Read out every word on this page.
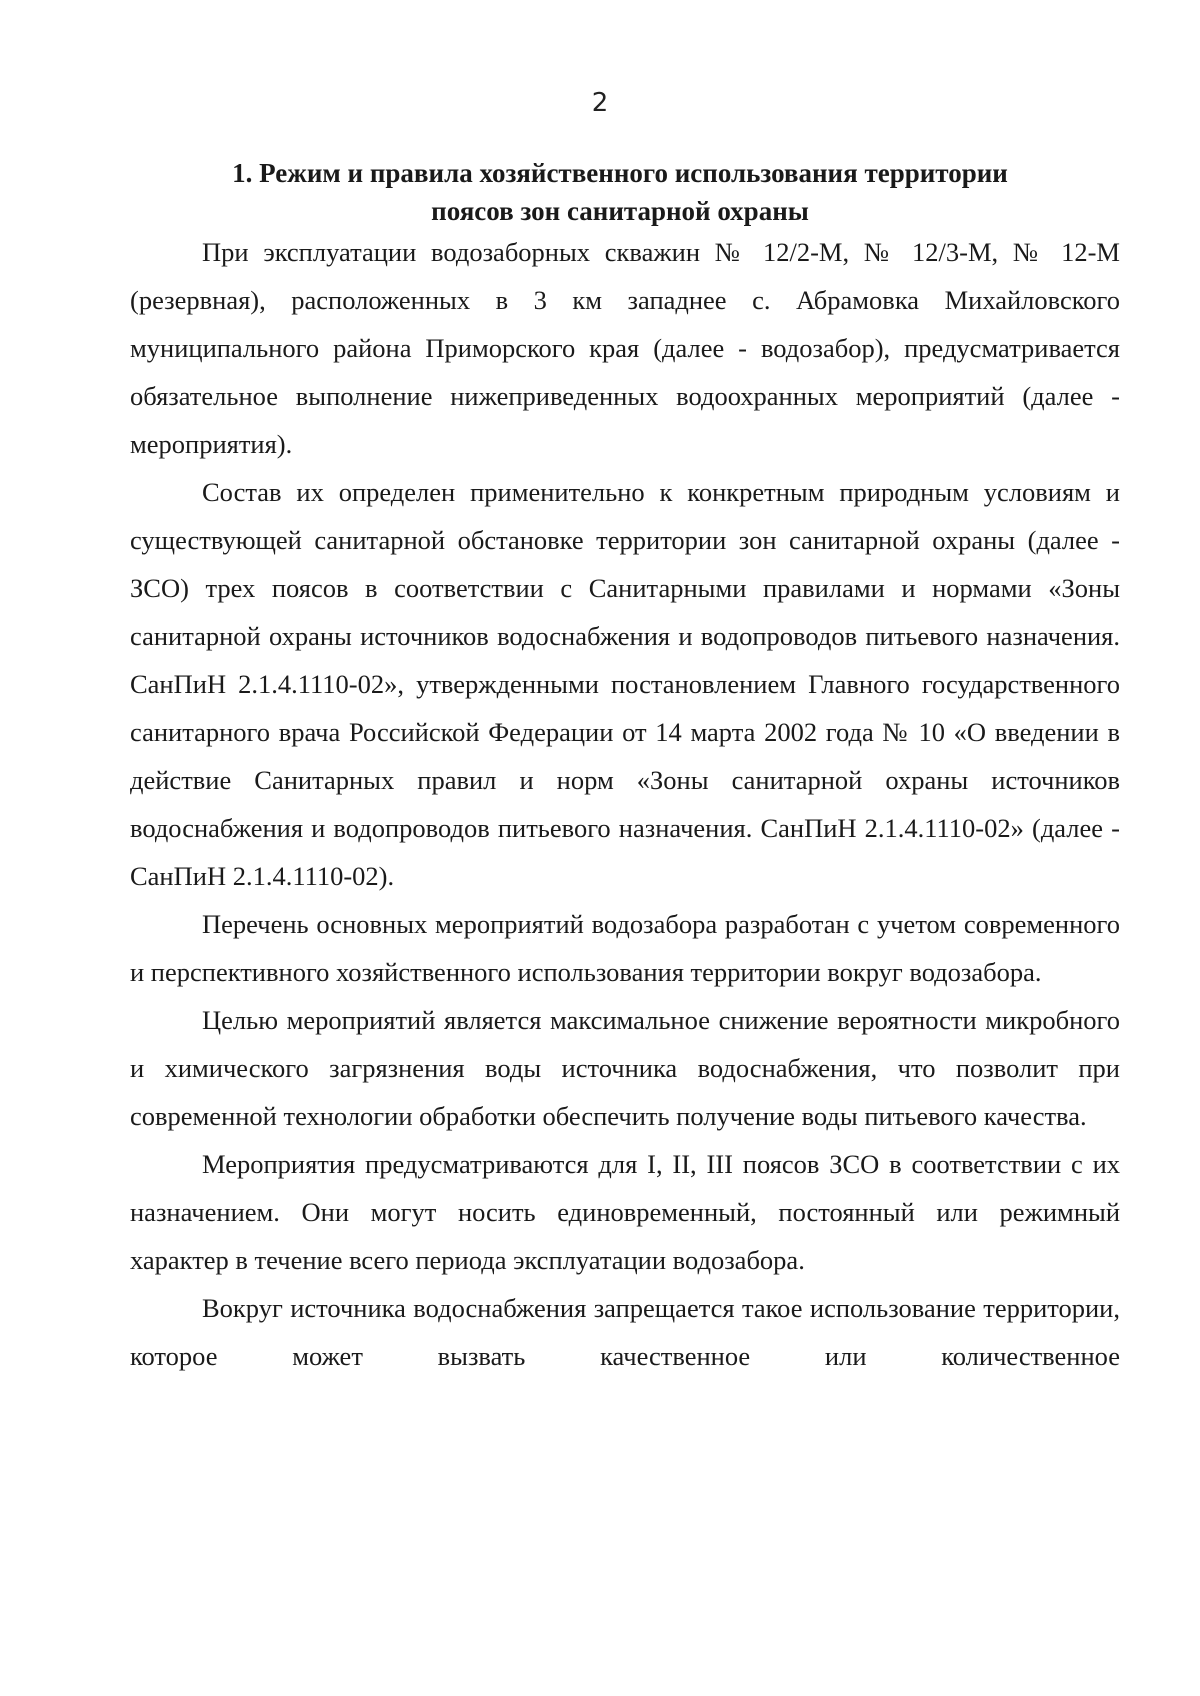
2
1. Режим и правила хозяйственного использования территории
поясов зон санитарной охраны

При эксплуатации водозаборных скважин № 12/2-М, № 12/3-М, № 12-М (резервная), расположенных в 3 км западнее с. Абрамовка Михайловского муниципального района Приморского края (далее - водозабор), предусматривается обязательное выполнение нижеприведенных водоохранных мероприятий (далее - мероприятия).

Состав их определен применительно к конкретным природным условиям и существующей санитарной обстановке территории зон санитарной охраны (далее - ЗСО) трех поясов в соответствии с Санитарными правилами и нормами «Зоны санитарной охраны источников водоснабжения и водопроводов питьевого назначения. СанПиН 2.1.4.1110-02», утвержденными постановлением Главного государственного санитарного врача Российской Федерации от 14 марта 2002 года № 10 «О введении в действие Санитарных правил и норм «Зоны санитарной охраны источников водоснабжения и водопроводов питьевого назначения. СанПиН 2.1.4.1110-02» (далее - СанПиН 2.1.4.1110-02).

Перечень основных мероприятий водозабора разработан с учетом современного и перспективного хозяйственного использования территории вокруг водозабора.

Целью мероприятий является максимальное снижение вероятности микробного и химического загрязнения воды источника водоснабжения, что позволит при современной технологии обработки обеспечить получение воды питьевого качества.

Мероприятия предусматриваются для I, II, III поясов ЗСО в соответствии с их назначением. Они могут носить единовременный, постоянный или режимный характер в течение всего периода эксплуатации водозабора.

Вокруг источника водоснабжения запрещается такое использование территории, которое может вызвать качественное или количественное
